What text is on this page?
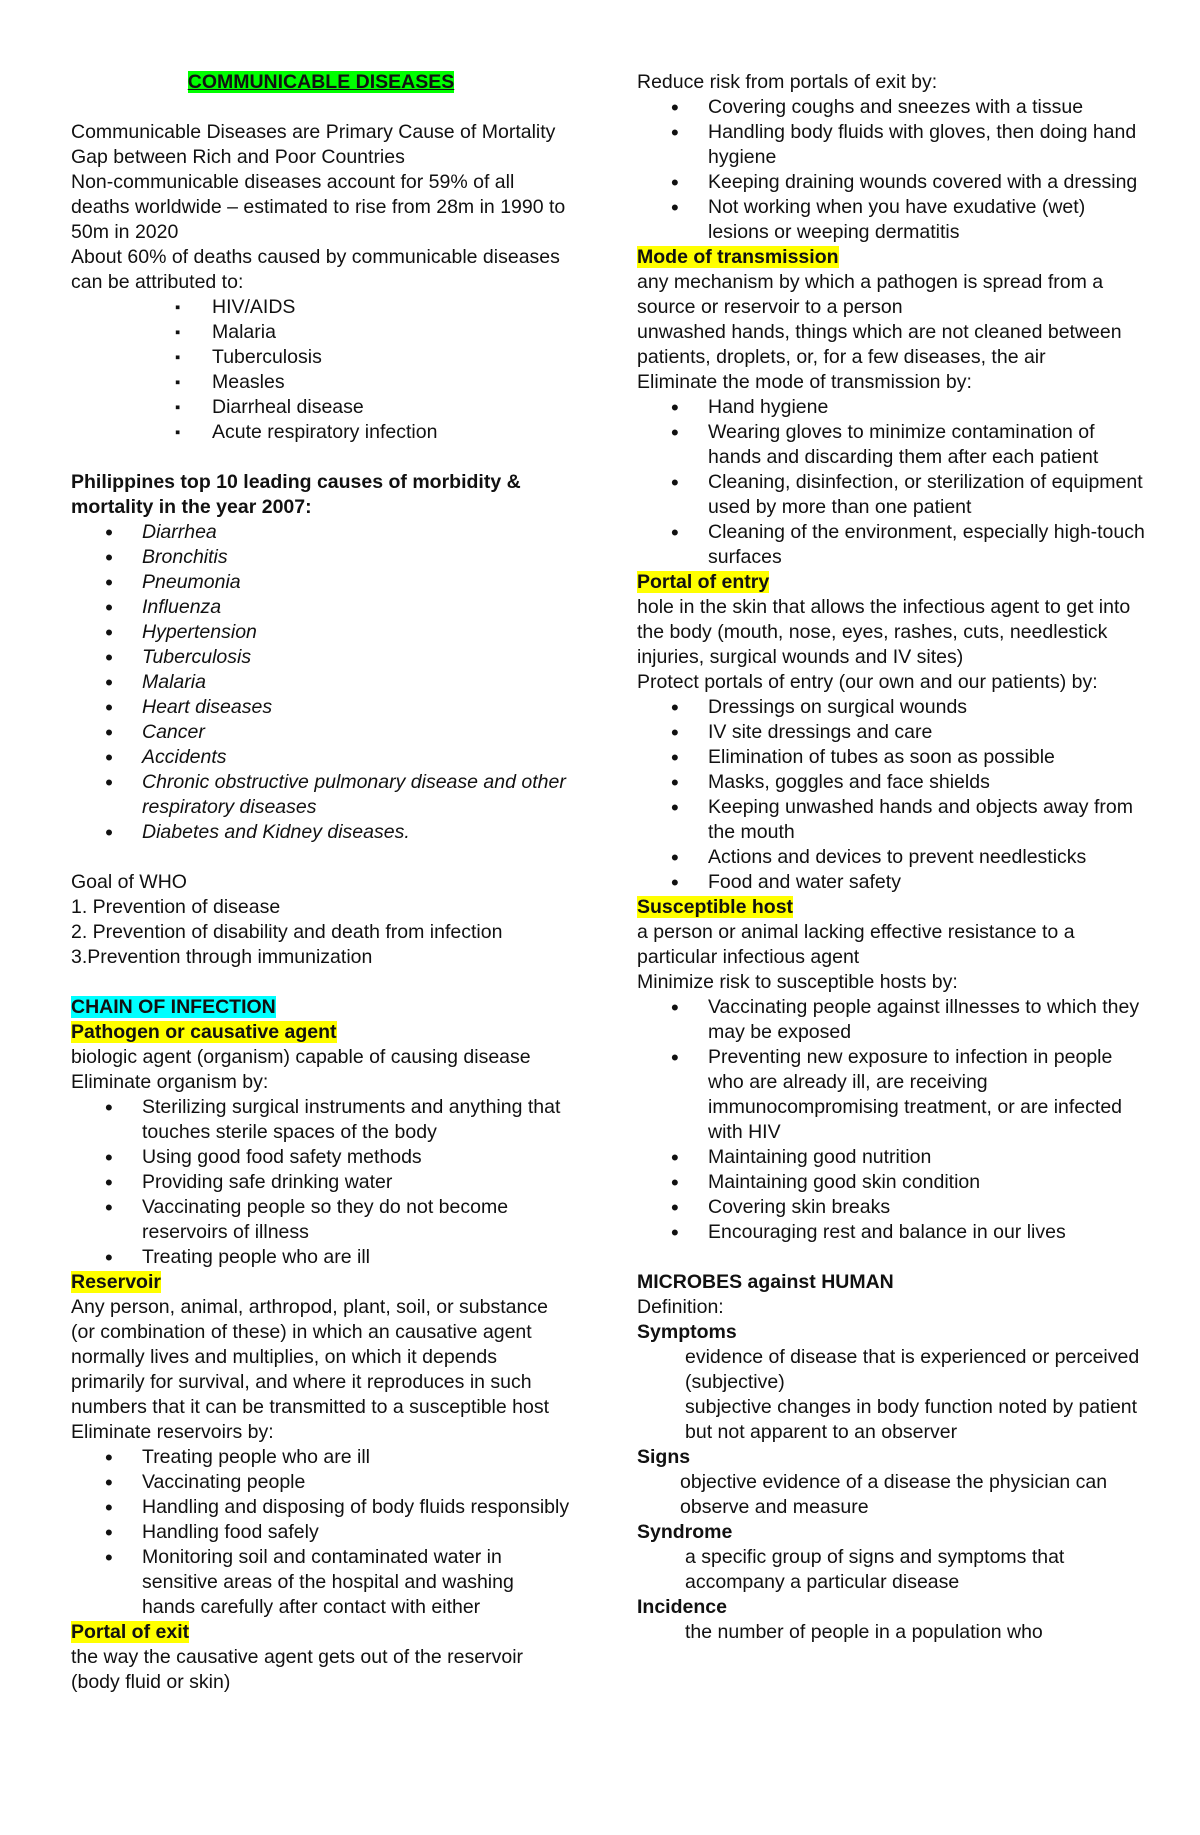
COMMUNICABLE DISEASES

Communicable Diseases are Primary Cause of Mortality Gap between Rich and Poor Countries

Non-communicable diseases account for 59% of all deaths worldwide – estimated to rise from 28m in 1990 to 50m in 2020

About 60% of deaths caused by communicable diseases can be attributed to:

▪ HIV/AIDS
▪ Malaria
▪ Tuberculosis
▪ Measles
▪ Diarrheal disease
▪ Acute respiratory infection

Philippines top 10 leading causes of morbidity & mortality in the year 2007:

• Diarrhea
• Bronchitis
• Pneumonia
• Influenza
• Hypertension
• Tuberculosis
• Malaria
• Heart diseases
• Cancer
• Accidents
• Chronic obstructive pulmonary disease and other respiratory diseases
• Diabetes and Kidney diseases.

Goal of WHO

1. Prevention of disease

2. Prevention of disability and death from infection

3.Prevention through immunization

CHAIN OF INFECTION

Pathogen or causative agent

biologic agent (organism) capable of causing disease

Eliminate organism by:

• Sterilizing surgical instruments and anything that touches sterile spaces of the body
• Using good food safety methods
• Providing safe drinking water
• Vaccinating people so they do not become reservoirs of illness
• Treating people who are ill

Reservoir

Any person, animal, arthropod, plant, soil, or substance (or combination of these) in which an causative agent normally lives and multiplies, on which it depends primarily for survival, and where it reproduces in such numbers that it can be transmitted to a susceptible host

Eliminate reservoirs by:

• Treating people who are ill
• Vaccinating people
• Handling and disposing of body fluids responsibly
• Handling food safely
• Monitoring soil and contaminated water in sensitive areas of the hospital and washing hands carefully after contact with either

Portal of exit

the way the causative agent gets out of the reservoir (body fluid or skin)

Reduce risk from portals of exit by:

• Covering coughs and sneezes with a tissue
• Handling body fluids with gloves, then doing hand hygiene
• Keeping draining wounds covered with a dressing
• Not working when you have exudative (wet) lesions or weeping dermatitis

Mode of transmission

any mechanism by which a pathogen is spread from a source or reservoir to a person

unwashed hands, things which are not cleaned between patients, droplets, or, for a few diseases, the air

Eliminate the mode of transmission by:

• Hand hygiene
• Wearing gloves to minimize contamination of hands and discarding them after each patient
• Cleaning, disinfection, or sterilization of equipment used by more than one patient
• Cleaning of the environment, especially high-touch surfaces

Portal of entry

hole in the skin that allows the infectious agent to get into the body (mouth, nose, eyes, rashes, cuts, needlestick injuries, surgical wounds and IV sites)

Protect portals of entry (our own and our patients) by:

• Dressings on surgical wounds
• IV site dressings and care
• Elimination of tubes as soon as possible
• Masks, goggles and face shields
• Keeping unwashed hands and objects away from the mouth
• Actions and devices to prevent needlesticks
• Food and water safety

Susceptible host

a person or animal lacking effective resistance to a particular infectious agent

Minimize risk to susceptible hosts by:

• Vaccinating people against illnesses to which they may be exposed
• Preventing new exposure to infection in people who are already ill, are receiving immunocompromising treatment, or are infected with HIV
• Maintaining good nutrition
• Maintaining good skin condition
• Covering skin breaks
• Encouraging rest and balance in our lives

MICROBES against HUMAN

Definition:

Symptoms

evidence of disease that is experienced or perceived (subjective)

subjective changes in body function noted by patient but not apparent to an observer

Signs

objective evidence of a disease the physician can

observe and measure

Syndrome

a specific group of signs and symptoms that accompany a particular disease

Incidence

the number of people in a population who
